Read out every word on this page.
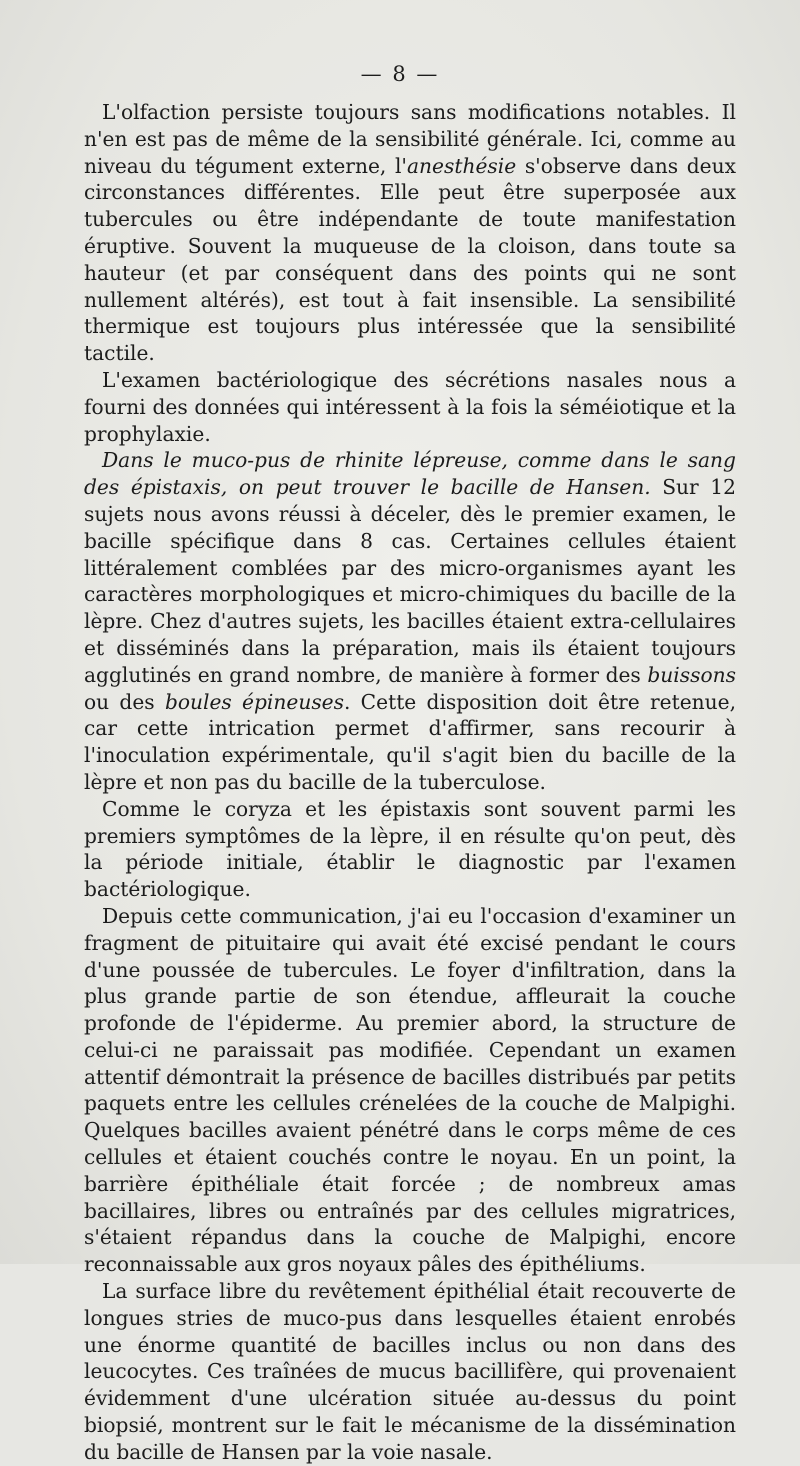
— 8 —

L'olfaction persiste toujours sans modifications notables. Il n'en est pas de même de la sensibilité générale. Ici, comme au niveau du tégument externe, l'anesthésie s'observe dans deux circonstances différentes. Elle peut être superposée aux tubercules ou être indépendante de toute manifestation éruptive. Souvent la muqueuse de la cloison, dans toute sa hauteur (et par conséquent dans des points qui ne sont nullement altérés), est tout à fait insensible. La sensibilité thermique est toujours plus intéressée que la sensibilité tactile.

L'examen bactériologique des sécrétions nasales nous a fourni des données qui intéressent à la fois la séméiotique et la prophylaxie.

Dans le muco-pus de rhinite lépreuse, comme dans le sang des épistaxis, on peut trouver le bacille de Hansen. Sur 12 sujets nous avons réussi à déceler, dès le premier examen, le bacille spécifique dans 8 cas. Certaines cellules étaient littéralement comblées par des micro-organismes ayant les caractères morphologiques et micro-chimiques du bacille de la lèpre. Chez d'autres sujets, les bacilles étaient extra-cellulaires et disséminés dans la préparation, mais ils étaient toujours agglutinés en grand nombre, de manière à former des buissons ou des boules épineuses. Cette disposition doit être retenue, car cette intrication permet d'affirmer, sans recourir à l'inoculation expérimentale, qu'il s'agit bien du bacille de la lèpre et non pas du bacille de la tuberculose.

Comme le coryza et les épistaxis sont souvent parmi les premiers symptômes de la lèpre, il en résulte qu'on peut, dès la période initiale, établir le diagnostic par l'examen bactériologique.

Depuis cette communication, j'ai eu l'occasion d'examiner un fragment de pituitaire qui avait été excisé pendant le cours d'une poussée de tubercules. Le foyer d'infiltration, dans la plus grande partie de son étendue, affleurait la couche profonde de l'épiderme. Au premier abord, la structure de celui-ci ne paraissait pas modifiée. Cependant un examen attentif démontrait la présence de bacilles distribués par petits paquets entre les cellules crénelées de la couche de Malpighi. Quelques bacilles avaient pénétré dans le corps même de ces cellules et étaient couchés contre le noyau. En un point, la barrière épithéliale était forcée ; de nombreux amas bacillaires, libres ou entraînés par des cellules migratrices, s'étaient répandus dans la couche de Malpighi, encore reconnaissable aux gros noyaux pâles des épithéliums.

La surface libre du revêtement épithélial était recouverte de longues stries de muco-pus dans lesquelles étaient enrobés une énorme quantité de bacilles inclus ou non dans des leucocytes. Ces traînées de mucus bacillifère, qui provenaient évidemment d'une ulcération située au-dessus du point biopsié, montrent sur le fait le mécanisme de la dissémination du bacille de Hansen par la voie nasale.
